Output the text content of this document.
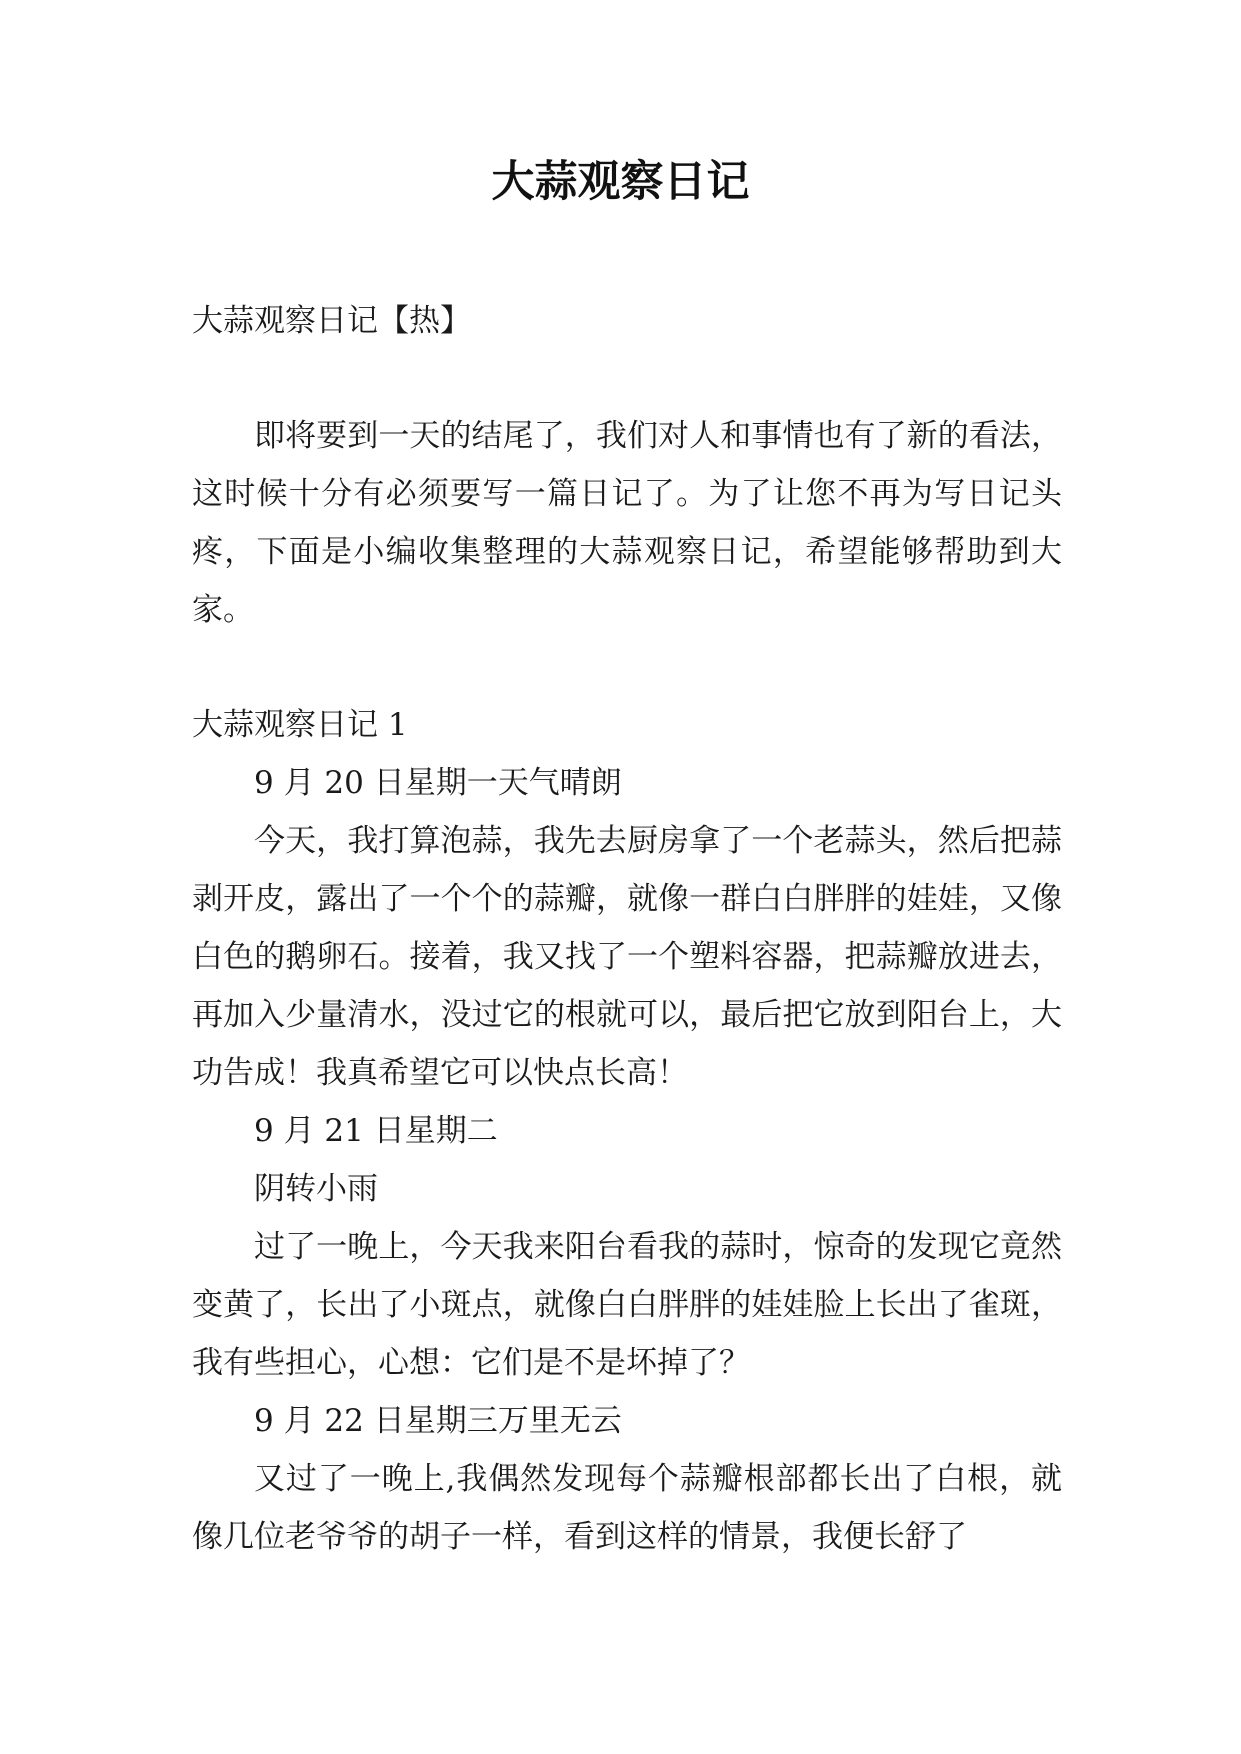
大蒜观察日记

大蒜观察日记【热】

即将要到一天的结尾了，我们对人和事情也有了新的看法，这时候十分有必须要写一篇日记了。为了让您不再为写日记头疼，下面是小编收集整理的大蒜观察日记，希望能够帮助到大家。

大蒜观察日记 1

9 月 20 日星期一天气晴朗

今天，我打算泡蒜，我先去厨房拿了一个老蒜头，然后把蒜剥开皮，露出了一个个的蒜瓣，就像一群白白胖胖的娃娃，又像白色的鹅卵石。接着，我又找了一个塑料容器，把蒜瓣放进去，再加入少量清水，没过它的根就可以，最后把它放到阳台上，大功告成！我真希望它可以快点长高！

9 月 21 日星期二

阴转小雨

过了一晚上，今天我来阳台看我的蒜时，惊奇的发现它竟然变黄了，长出了小斑点，就像白白胖胖的娃娃脸上长出了雀斑，我有些担心，心想：它们是不是坏掉了？

9 月 22 日星期三万里无云

又过了一晚上,我偶然发现每个蒜瓣根部都长出了白根，就像几位老爷爷的胡子一样，看到这样的情景，我便长舒了
